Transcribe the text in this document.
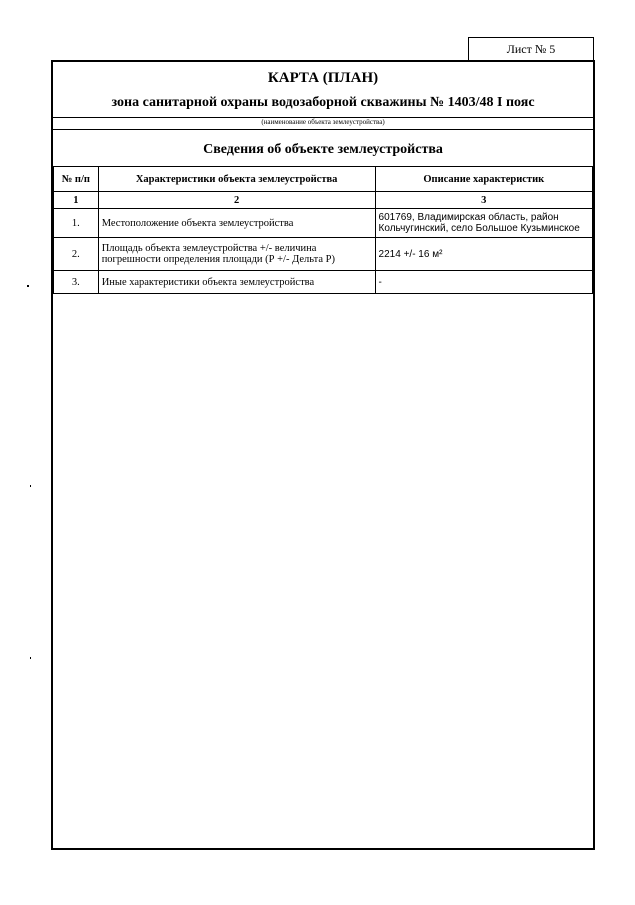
Лист № 5
КАРТА (ПЛАН)
зона санитарной охраны водозаборной скважины № 1403/48 I пояс
(наименование объекта землеустройства)
Сведения об объекте землеустройства
№ п/п	Характеристики объекта землеустройства	Описание характеристик
1	2	3
1.	Местоположение объекта землеустройства	601769, Владимирская область, район Кольчугинский, село Большое Кузьминское
2.	Площадь объекта землеустройства +/- величина погрешности определения площади (Р +/- Дельта Р)	2214 +/- 16 м²
3.	Иные характеристики объекта землеустройства	-
